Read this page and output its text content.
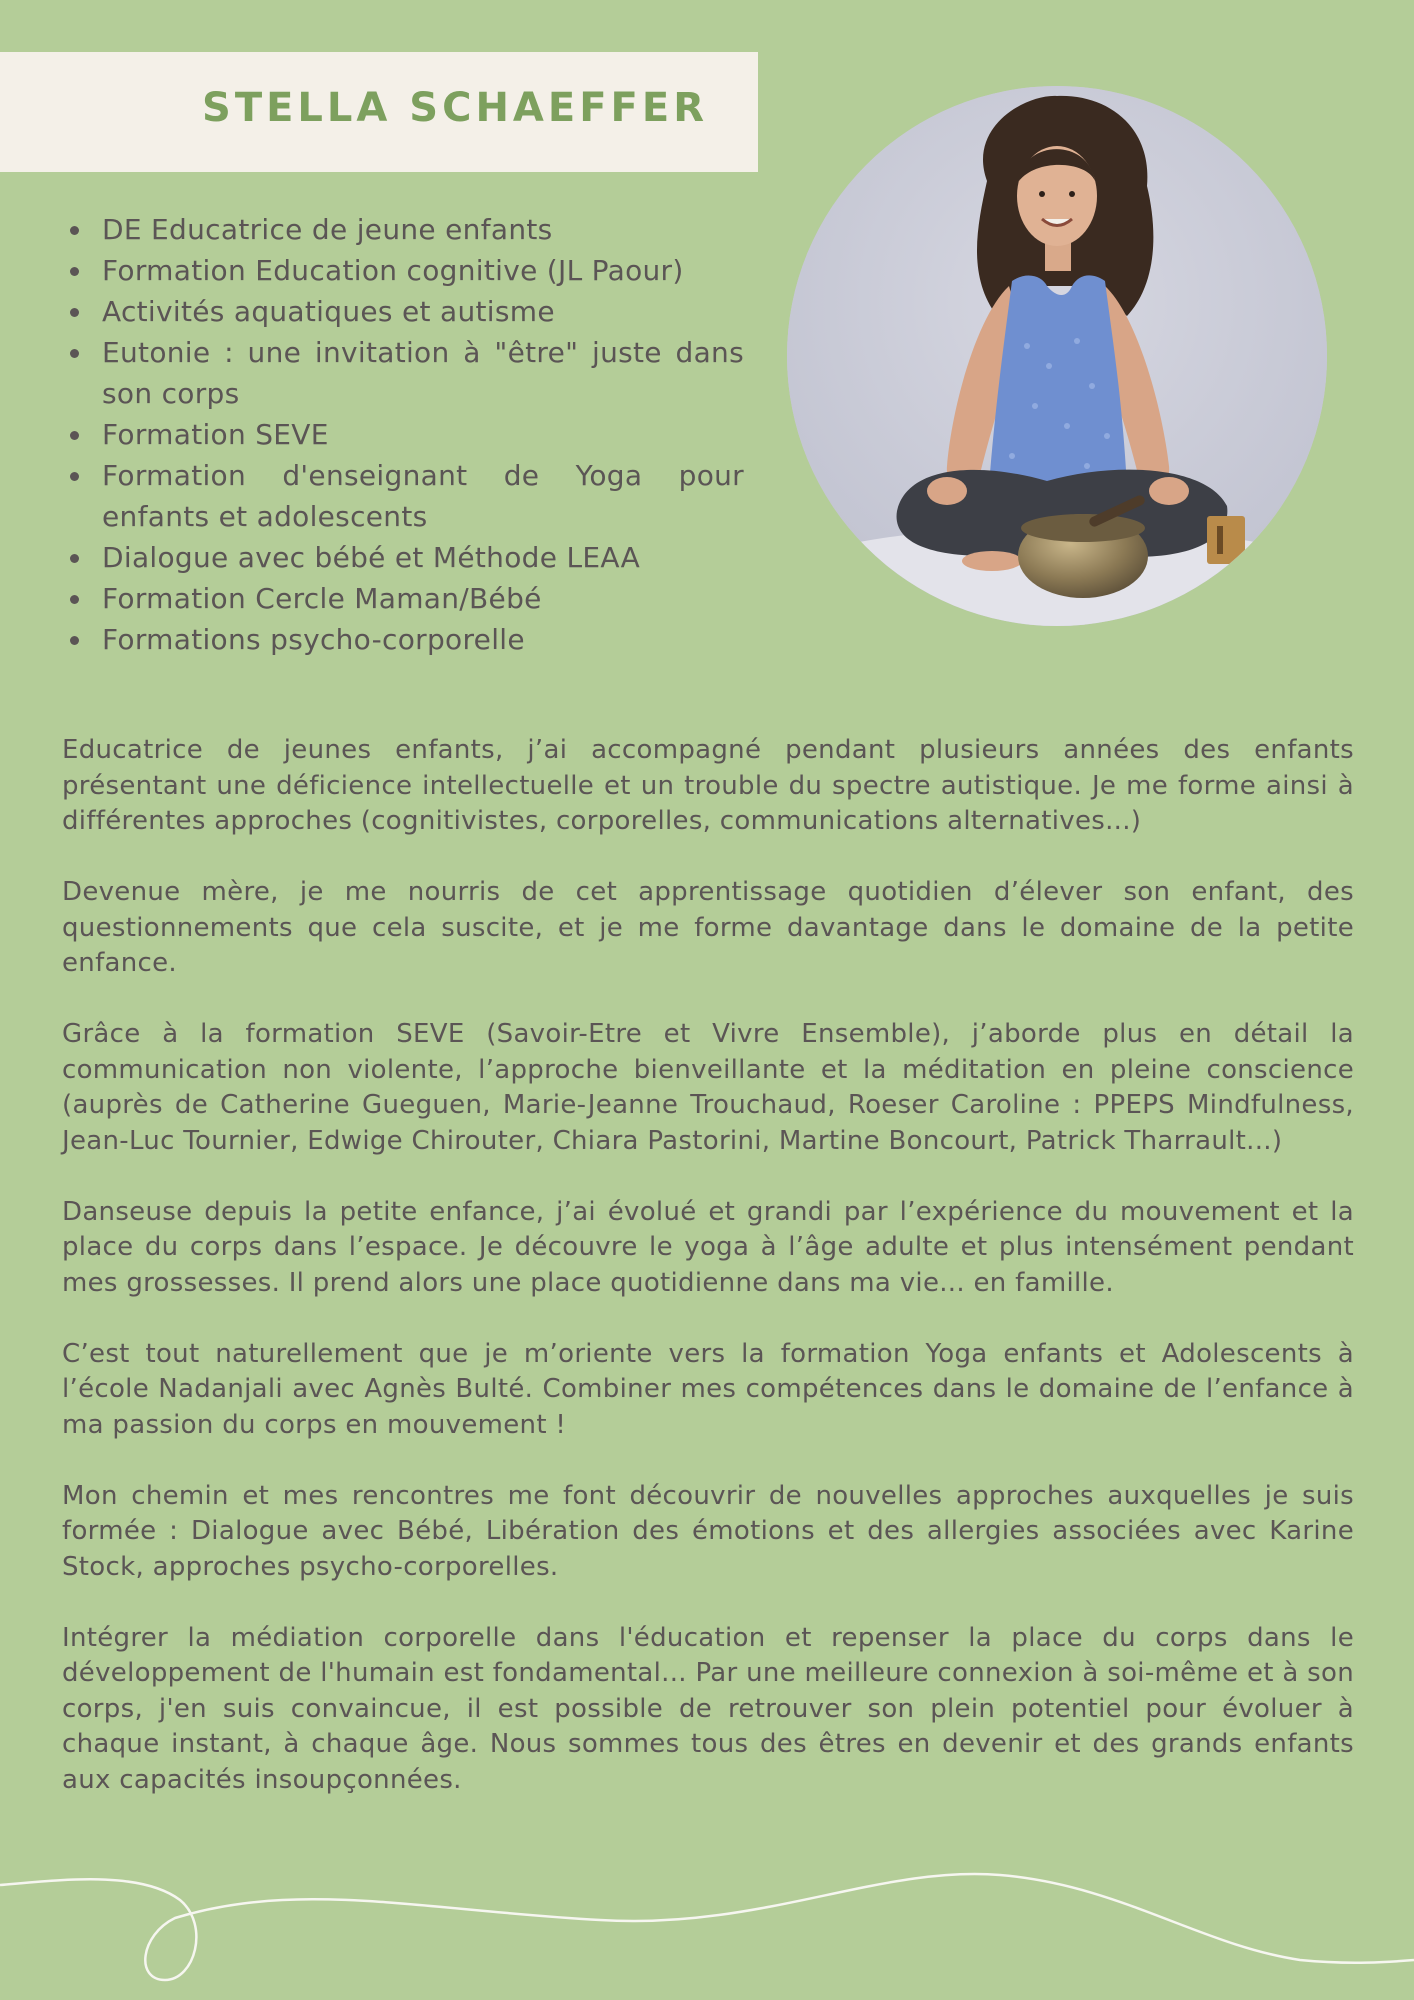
STELLA SCHAEFFER
DE Educatrice de jeune enfants
Formation Education cognitive (JL Paour)
Activités aquatiques et autisme
Eutonie : une invitation à "être" juste dans son corps
Formation SEVE
Formation d'enseignant de Yoga pour enfants et adolescents
Dialogue avec bébé et Méthode LEAA
Formation Cercle Maman/Bébé
Formations psycho-corporelle

Educatrice de jeunes enfants, j’ai accompagné pendant plusieurs années des enfants présentant une déficience intellectuelle et un trouble du spectre autistique. Je me forme ainsi à différentes approches (cognitivistes, corporelles, communications alternatives...)

Devenue mère, je me nourris de cet apprentissage quotidien d’élever son enfant, des questionnements que cela suscite, et je me forme davantage dans le domaine de la petite enfance.

Grâce à la formation SEVE (Savoir-Etre et Vivre Ensemble), j’aborde plus en détail la communication non violente, l’approche bienveillante et la méditation en pleine conscience (auprès de Catherine Gueguen, Marie-Jeanne Trouchaud, Roeser Caroline : PPEPS Mindfulness, Jean-Luc Tournier, Edwige Chirouter, Chiara Pastorini, Martine Boncourt, Patrick Tharrault...)

Danseuse depuis la petite enfance, j’ai évolué et grandi par l’expérience du mouvement et la place du corps dans l’espace. Je découvre le yoga à l’âge adulte et plus intensément pendant mes grossesses. Il prend alors une place quotidienne dans ma vie... en famille.

C’est tout naturellement que je m’oriente vers la formation Yoga enfants et Adolescents à l’école Nadanjali avec Agnès Bulté. Combiner mes compétences dans le domaine de l’enfance à ma passion du corps en mouvement !

Mon chemin et mes rencontres me font découvrir de nouvelles approches auxquelles je suis formée : Dialogue avec Bébé, Libération des émotions et des allergies associées avec Karine Stock, approches psycho-corporelles.

Intégrer la médiation corporelle dans l'éducation et repenser la place du corps dans le développement de l'humain est fondamental... Par une meilleure connexion à soi-même et à son corps, j'en suis convaincue, il est possible de retrouver son plein potentiel pour évoluer à chaque instant, à chaque âge. Nous sommes tous des êtres en devenir et des grands enfants aux capacités insoupçonnées.
